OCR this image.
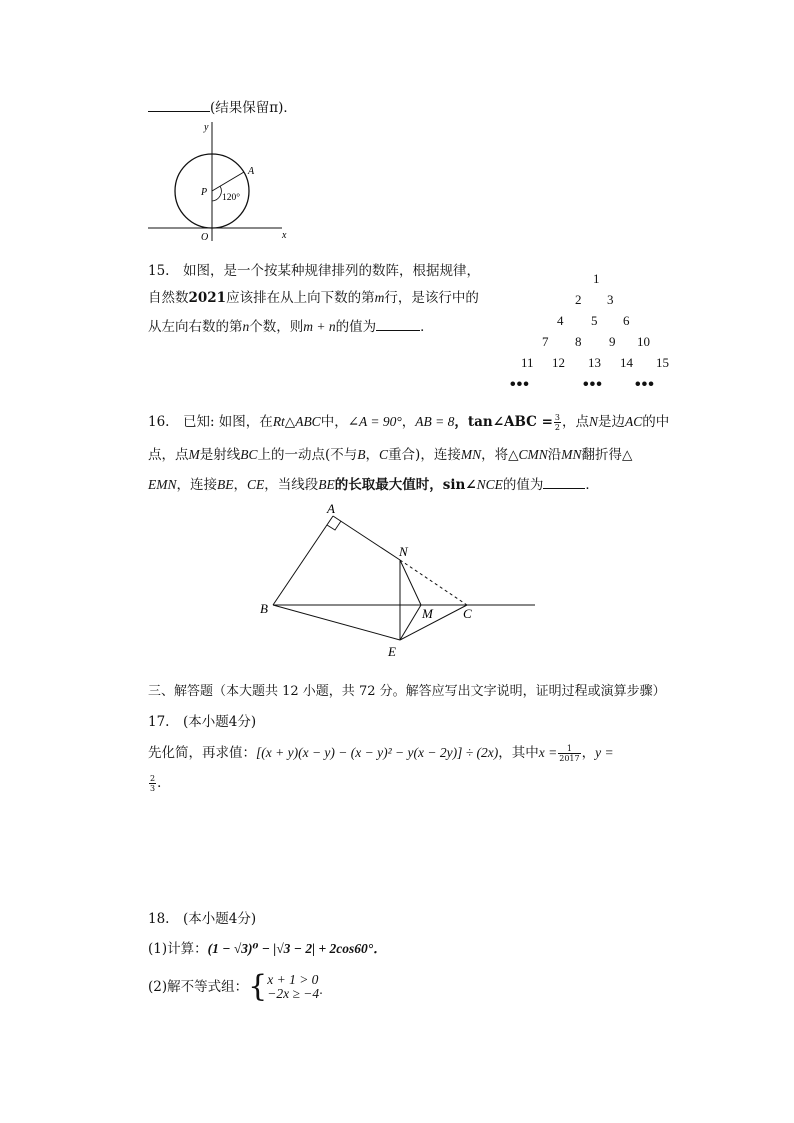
(结果保留π)．
y
x
O
P
A
120°
15.　如图，是一个按某种规律排列的数阵，根据规律，
自然数2021应该排在从上向下数的第m行，是该行中的
从左向右数的第n个数，则m + n的值为	．
1
2 3
4 5 6
7 8 9 10
11 12 13 14 15
•••	••• •••
16.　已知: 如图，在Rt△ABC中，∠A = 90°，AB = 8，tan∠ABC = $\frac{3}{2}$ ，点N是边AC的中
点，点M是射线BC上的一动点(不与B，C重合)，连接MN，将△CMN沿MN翻折得△
EMN，连接BE，CE，当线段BE的长取最大值时，sin∠NCE的值为	．
A
B	C
N
M
E
三、解答题（本大题共 12 小题，共 72 分。解答应写出文字说明，证明过程或演算步骤）
17.　(本小题4分)
先化简，再求值：[(x + y)(x − y) − (x − y)² − y(x − 2y)] ÷ (2x)，其中$x = \frac{1}{2017}$ ，y =
$\frac{2}{3}$ ．
18.　(本小题4分)
(1)计算：(1 − √3)⁰ − |√3 − 2| + 2cos60°．
(2)解不等式组：{ x + 1 > 0
−2x ≥ −4·
